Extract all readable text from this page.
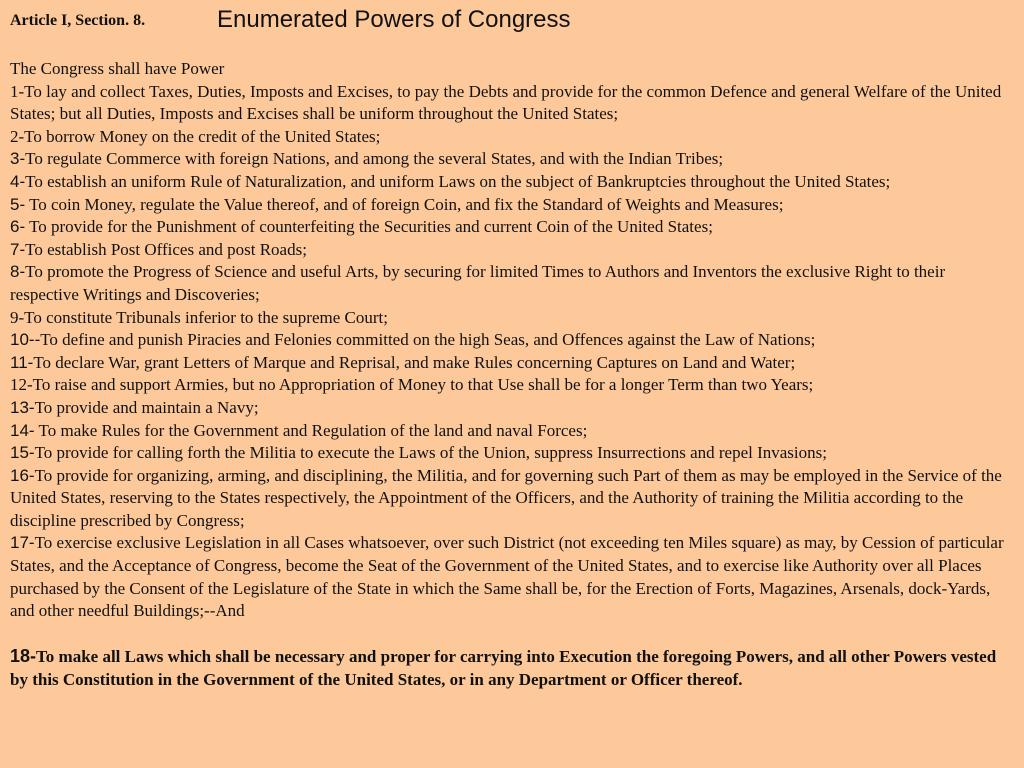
Article I, Section. 8.	Enumerated Powers of Congress

The Congress shall have Power

1-To lay and collect Taxes, Duties, Imposts and Excises, to pay the Debts and provide for the common Defence and general Welfare of the United States; but all Duties, Imposts and Excises shall be uniform throughout the United States;

2-To borrow Money on the credit of the United States;

3-To regulate Commerce with foreign Nations, and among the several States, and with the Indian Tribes;

4-To establish an uniform Rule of Naturalization, and uniform Laws on the subject of Bankruptcies throughout the United States;

5- To coin Money, regulate the Value thereof, and of foreign Coin, and fix the Standard of Weights and Measures;

6- To provide for the Punishment of counterfeiting the Securities and current Coin of the United States;

7-To establish Post Offices and post Roads;

8-To promote the Progress of Science and useful Arts, by securing for limited Times to Authors and Inventors the exclusive Right to their respective Writings and Discoveries;

9-To constitute Tribunals inferior to the supreme Court;

10--To define and punish Piracies and Felonies committed on the high Seas, and Offences against the Law of Nations;

11-To declare War, grant Letters of Marque and Reprisal, and make Rules concerning Captures on Land and Water;

12-To raise and support Armies, but no Appropriation of Money to that Use shall be for a longer Term than two Years;

13-To provide and maintain a Navy;

14- To make Rules for the Government and Regulation of the land and naval Forces;

15-To provide for calling forth the Militia to execute the Laws of the Union, suppress Insurrections and repel Invasions;

16-To provide for organizing, arming, and disciplining, the Militia, and for governing such Part of them as may be employed in the Service of the United States, reserving to the States respectively, the Appointment of the Officers, and the Authority of training the Militia according to the discipline prescribed by Congress;

17-To exercise exclusive Legislation in all Cases whatsoever, over such District (not exceeding ten Miles square) as may, by Cession of particular States, and the Acceptance of Congress, become the Seat of the Government of the United States, and to exercise like Authority over all Places purchased by the Consent of the Legislature of the State in which the Same shall be, for the Erection of Forts, Magazines, Arsenals, dock-Yards, and other needful Buildings;--And

18-To make all Laws which shall be necessary and proper for carrying into Execution the foregoing Powers, and all other Powers vested by this Constitution in the Government of the United States, or in any Department or Officer thereof.
